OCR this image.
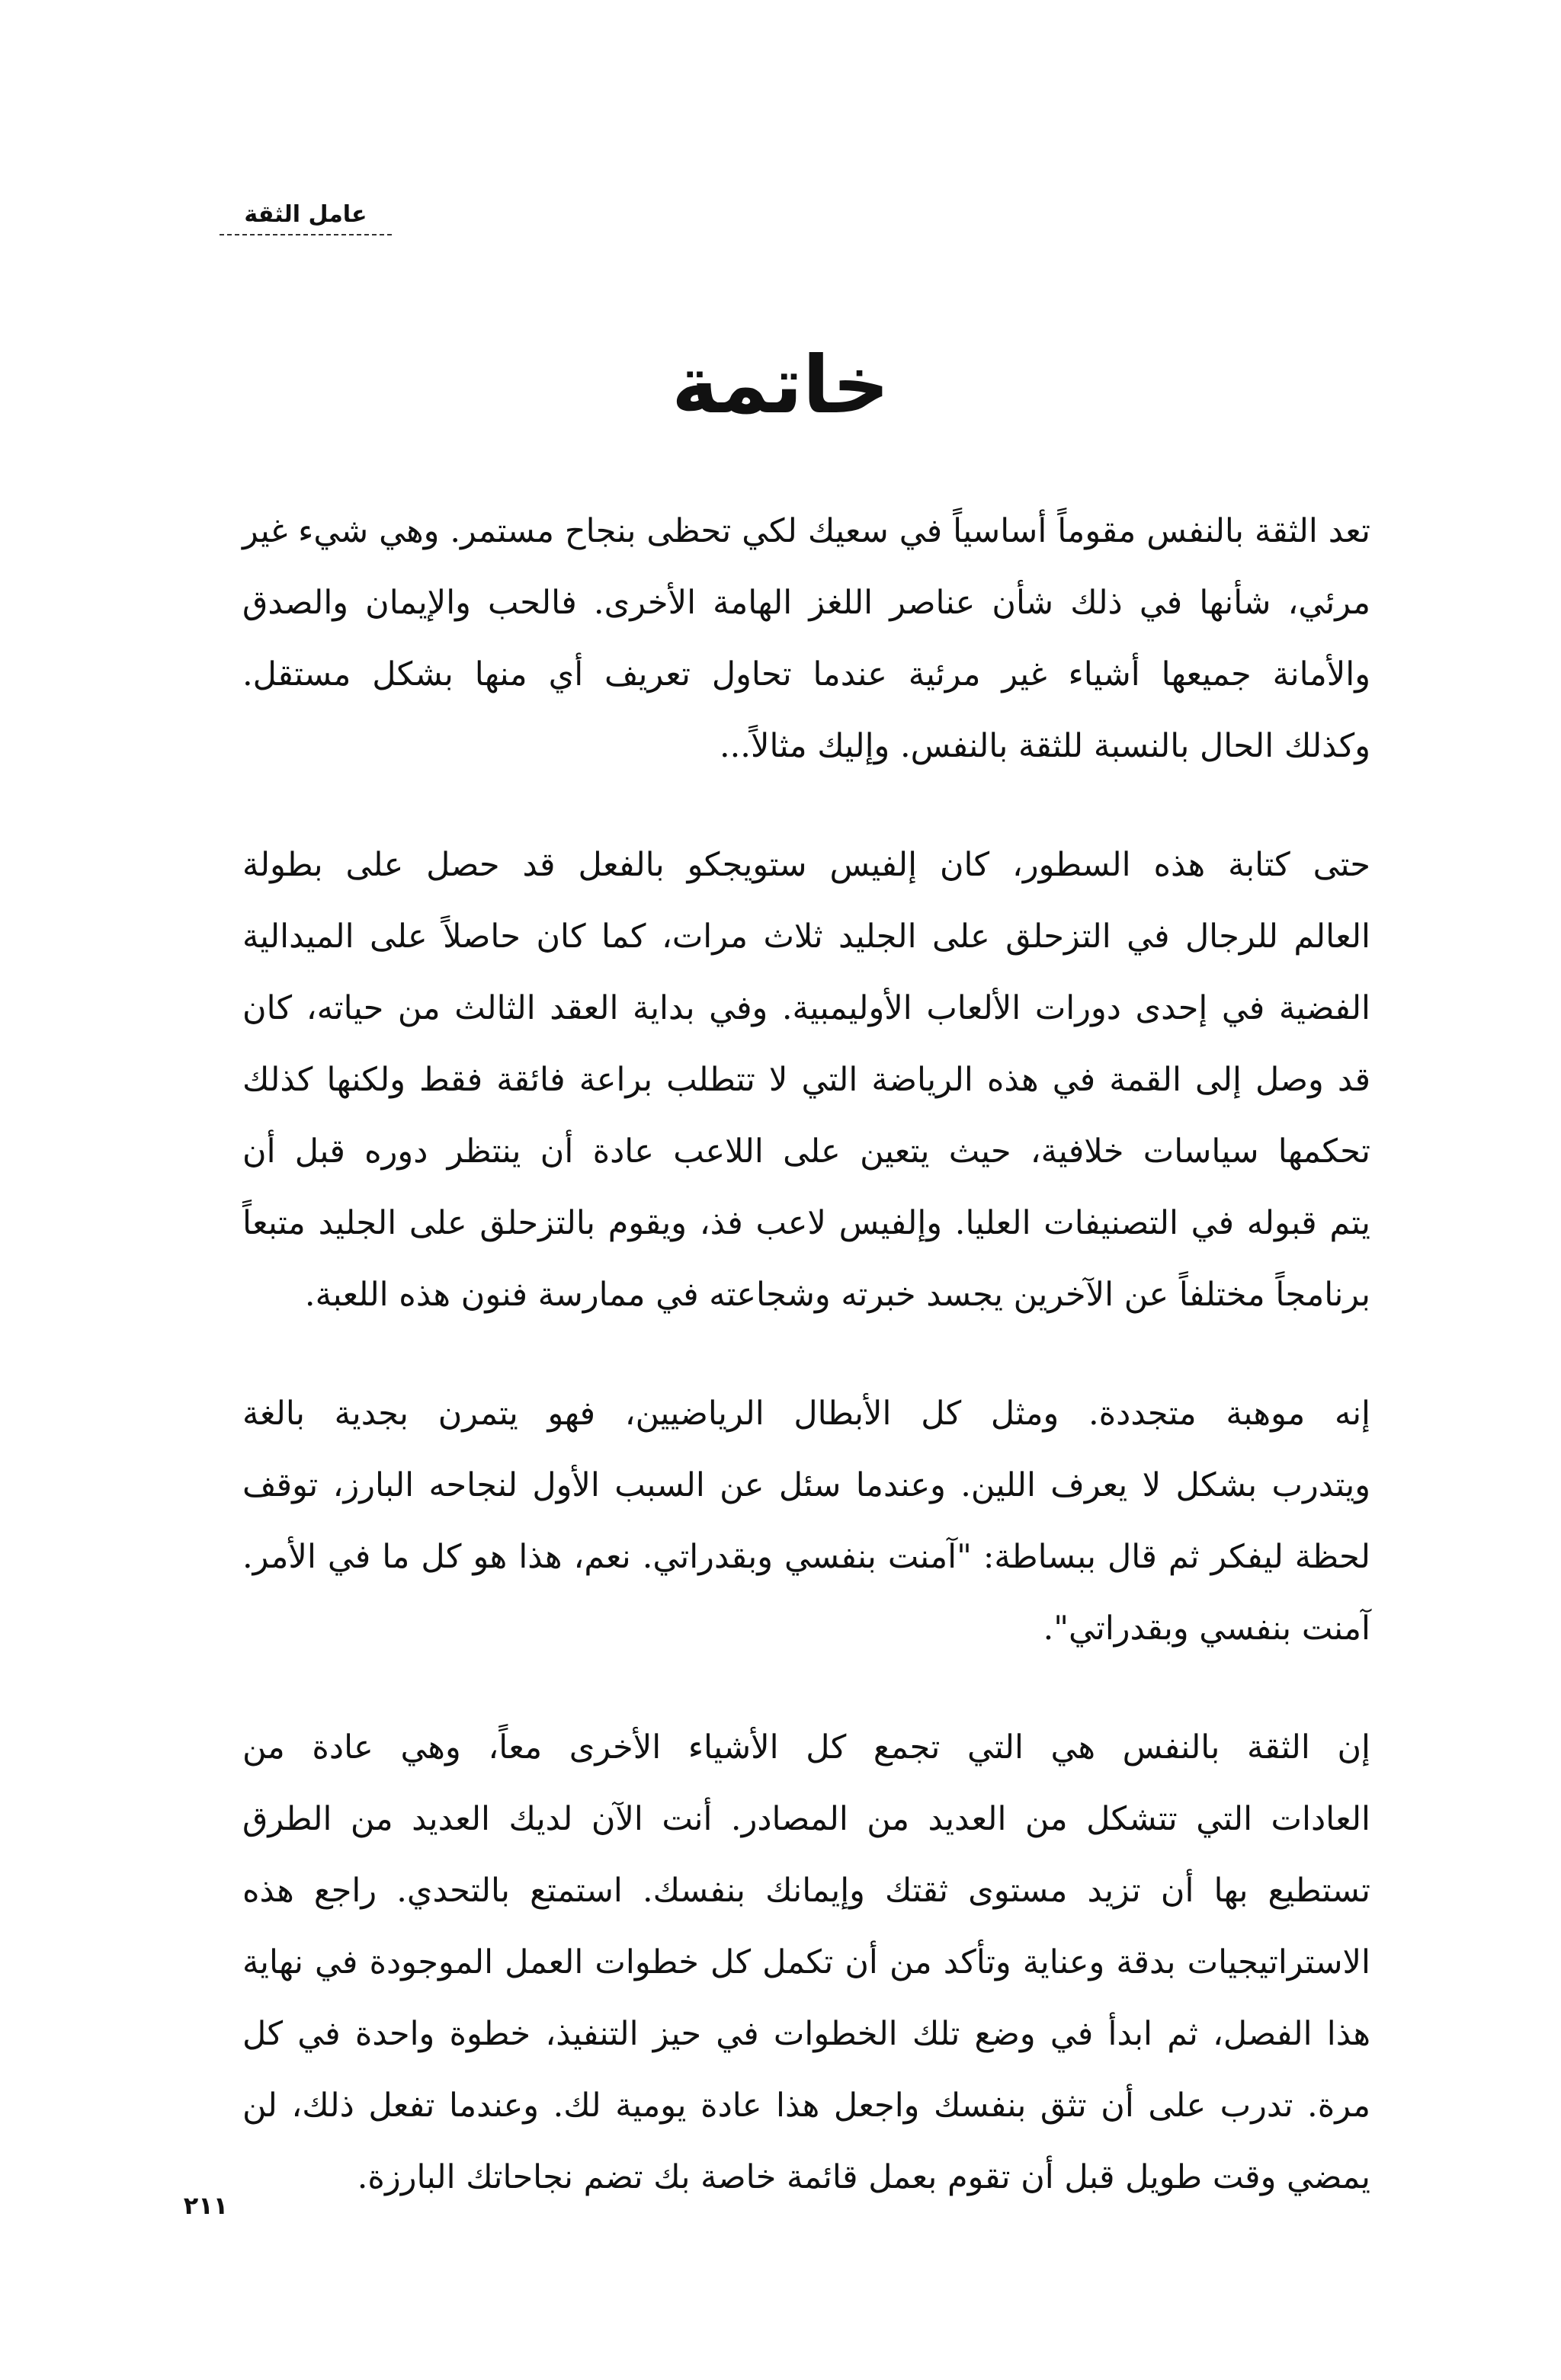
عامل الثقة
خاتمة
تعد الثقة بالنفس مقوماً أساسياً في سعيك لكي تحظى بنجاح مستمر. وهي شيء غير
مرئي، شأنها في ذلك شأن عناصر اللغز الهامة الأخرى. فالحب والإيمان والصدق
والأمانة جميعها أشياء غير مرئية عندما تحاول تعريف أي منها بشكل مستقل.
وكذلك الحال بالنسبة للثقة بالنفس. وإليك مثالاً...
حتى كتابة هذه السطور، كان إلفيس ستويجكو بالفعل قد حصل على بطولة
العالم للرجال في التزحلق على الجليد ثلاث مرات، كما كان حاصلاً على الميدالية
الفضية في إحدى دورات الألعاب الأوليمبية. وفي بداية العقد الثالث من حياته، كان
قد وصل إلى القمة في هذه الرياضة التي لا تتطلب براعة فائقة فقط ولكنها كذلك
تحكمها سياسات خلافية، حيث يتعين على اللاعب عادة أن ينتظر دوره قبل أن
يتم قبوله في التصنيفات العليا. وإلفيس لاعب فذ، ويقوم بالتزحلق على الجليد متبعاً
برنامجاً مختلفاً عن الآخرين يجسد خبرته وشجاعته في ممارسة فنون هذه اللعبة.
إنه موهبة متجددة. ومثل كل الأبطال الرياضيين، فهو يتمرن بجدية بالغة
ويتدرب بشكل لا يعرف اللين. وعندما سئل عن السبب الأول لنجاحه البارز، توقف
لحظة ليفكر ثم قال ببساطة: "آمنت بنفسي وبقدراتي. نعم، هذا هو كل ما في الأمر.
آمنت بنفسي وبقدراتي".
إن الثقة بالنفس هي التي تجمع كل الأشياء الأخرى معاً، وهي عادة من
العادات التي تتشكل من العديد من المصادر. أنت الآن لديك العديد من الطرق
تستطيع بها أن تزيد مستوى ثقتك وإيمانك بنفسك. استمتع بالتحدي. راجع هذه
الاستراتيجيات بدقة وعناية وتأكد من أن تكمل كل خطوات العمل الموجودة في نهاية
هذا الفصل، ثم ابدأ في وضع تلك الخطوات في حيز التنفيذ، خطوة واحدة في كل
مرة. تدرب على أن تثق بنفسك واجعل هذا عادة يومية لك. وعندما تفعل ذلك، لن
يمضي وقت طويل قبل أن تقوم بعمل قائمة خاصة بك تضم نجاحاتك البارزة.
٢١١
